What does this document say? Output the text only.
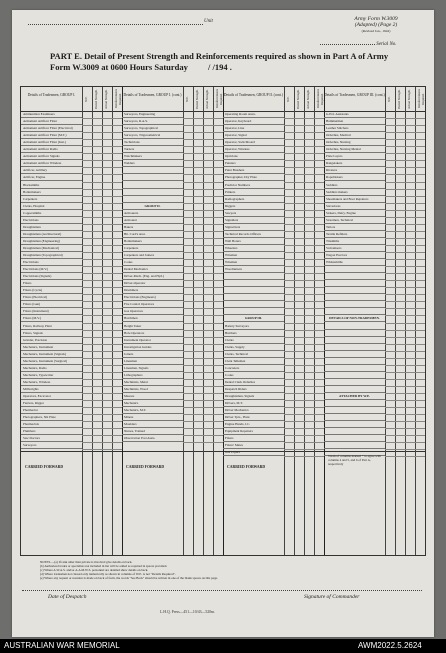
Unit	Army Form W.3009
(Adapted) (Page 2)
(Revised Jan., 1942)
Serial No.
PART E. Detail of Present Strength and Reinforcements required as shown in Part A of Army Form W.3009 at 0600 Hours Saturday / /194 .
Details of Tradesmen, GROUP I.
W.E.	Posted Strength.	Actual Strength.	Reinforcements Required.
Ammunition Examiners
Armament Artificer Fitter
Armament Artificer Fitter (Electrical)
Armament Artificer Fitter (M.T.)
Armament Artificer Fitter (Inst.)
Armament Artificer Radio
Armament Artificer Signals
Armament Artificer Wireless
Artificer, Artillery
Artificer, Engine
Blacksmiths
Boilermakers
Carpenters
Clerks, Hospital
Coppersmiths
Electricians
Draughtsmen
Draughtsmen (Architectural)
Draughtsmen (Engineering)
Draughtsmen (Mechanical)
Draughtsmen (Topographical)
Electricians
Electricians (M.V.)
Electricians (Signals)
Fitters
Fitters (Cycle)
Fitters (Electrical)
Fitters (Gun)
Fitters (Instrument)
Fitters (M.V.)
Fitters, Railway Plant
Fitters, Signals
Grinder, Precision
Mechanics, Instrument
Mechanics, Instrument (Signals)
Mechanics, Instrument (Surgical)
Mechanics, Radio
Mechanics, Typewriter
Mechanics, Wireless
Millwrights
Operators, Excavator
Farriers, Rigger
Pharmacist
Photographers, Slit Plate
Pharmacists
Plumbers
Saw Doctors
Surveyors
CARRIED FORWARD
Details of Tradesmen, GROUP I. (cont.)
W.E.	Posted Strength.	Actual Strength.	Reinforcements Required.
Surveyors, Engineering
Surveyors, R.A.S.
Surveyors, Topographical
Surveyors, Trigonometrical
Technicians
Turners
Watchmakers
Welders
GROUP II.
Armourers
Armourer
Bakers
Bit. Cord's Asst.
Boilermakers
Carpenters
Carpenters and Joiners
Cooks
Dental Mechanics
Driver-Mech. (Eng. and Hyd.)
Driver-Operator
Drummers
Electricians (Engineers)
Fire Control Operators
Gas Operators
Hatchmen
Height Taker
Hole Operators
Instrument Operator
Investigation Guides
Joiners
Linesmen
Linesmen, Signals
Lithographers
Machinists, Metal
Machinists, Wood
Masons
Mechanics
Mechanics, M.T.
Miners
Moulders
Nurses, Trained
Observation Post Assts.
CARRIED FORWARD
Details of Tradesmen, GROUP II. (cont.)
W.E.	Posted Strength.	Actual Strength.	Reinforcements Required.
Operating Room Assts.
Operator, Keyboard
Operator, Line
Operator, Signal
Operator, Switchboard
Operator, Wireless
Opticians
Painters
Paint Brushers
Photographer, Dry Plate
Predictor Numbers
Printers
Radiographers
Riggers
Sawyers
Signallers
Signwriters
Technical Records Officers
Wall Borers
Wheelers
Wiremen
Wiremen
Woodturners
GROUP III.
Battery Surveyors
Butchers
Clerks
Clerks, Supply
Clerks, Technical
Clerk Tellemen
Concreters
Cooks
Dental Clerk Orderlies
Despatch Riders
Draughtsmen, Signals
Drivers, M.T.
Driver Mechanics
Driver Tpts., Plant
Engine Hands, I.C.
Equipment Repairers
Fitters
Fitters' Mates
Gas Layers
CARRIED FORWARD
Details of Tradesmen, GROUP III. (cont.)
W.E.	Posted Strength.	Actual Strength.	Reinforcements Required.
G.P.O. Assistants
Hammermen
Leather Stitchers
Orderlies, Medical
Orderlies, Nursing
Orderlies, Nursing Mental
Plate Layers
Rangetakers
Riveters
Ropeblokers
Saddlers
Saddlers makers
Shoemakers and Boot Repairers
Stevedores
Stokers, Dairy, Engine
Storemen, Technical
Tailors
Textile Refitters
Tinsmiths
Vulcanisers
Wagon Erectors
Whitesmiths
DETAILS OF NON-TRADESMEN.
ATTACHED BY W.E.
Totals of columns marked * to agree with columns 4 and 5, and 6 of Part A, respectively
NOTES.—(a) If rank other than private is involved give details on back.
(b) Authorized trades or specialists not included in list will be added as required in spaces provided.
(c) Where A.W.A.S. and/or A.A.M.W.S. personnel are detailed show details on back.
(d) Where tradesmen not classed only numerically as shown in columns of W.E. is not "Details Required".
(e) Where any request or notation is made on back of form, the words "See Back" should be written in one of the blank spaces on this page.
Date of Despatch	Signature of Commander
L.H.Q. Press—451—10/43—520m.
AUSTRALIAN WAR MEMORIAL	AWM2022.5.2624
